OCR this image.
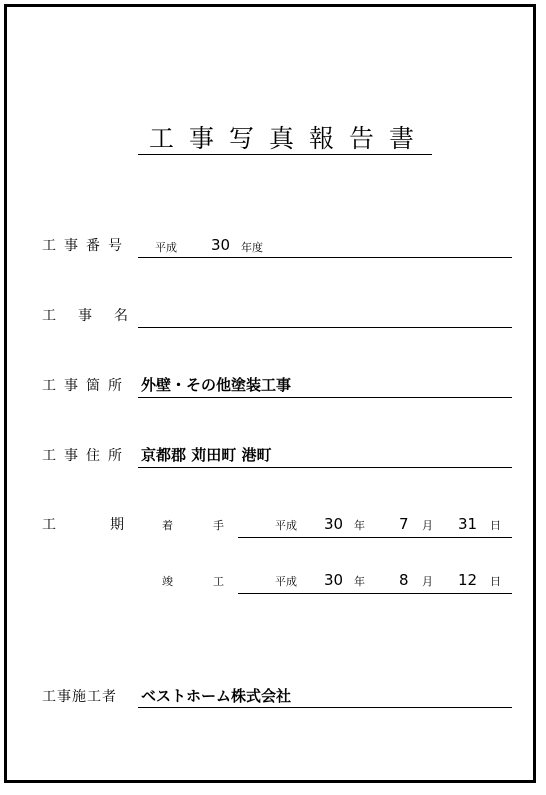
工事写真報告書
工事番号 平成 30 年度
工　事　名
工事箇所 外壁・その他塗装工事
工事住所 京都郡 苅田町 港町
工	期	着	手	平成 30 年 7 月 31 日
竣	工	平成 30 年 8 月 12 日
工事施工者 ベストホーム株式会社
